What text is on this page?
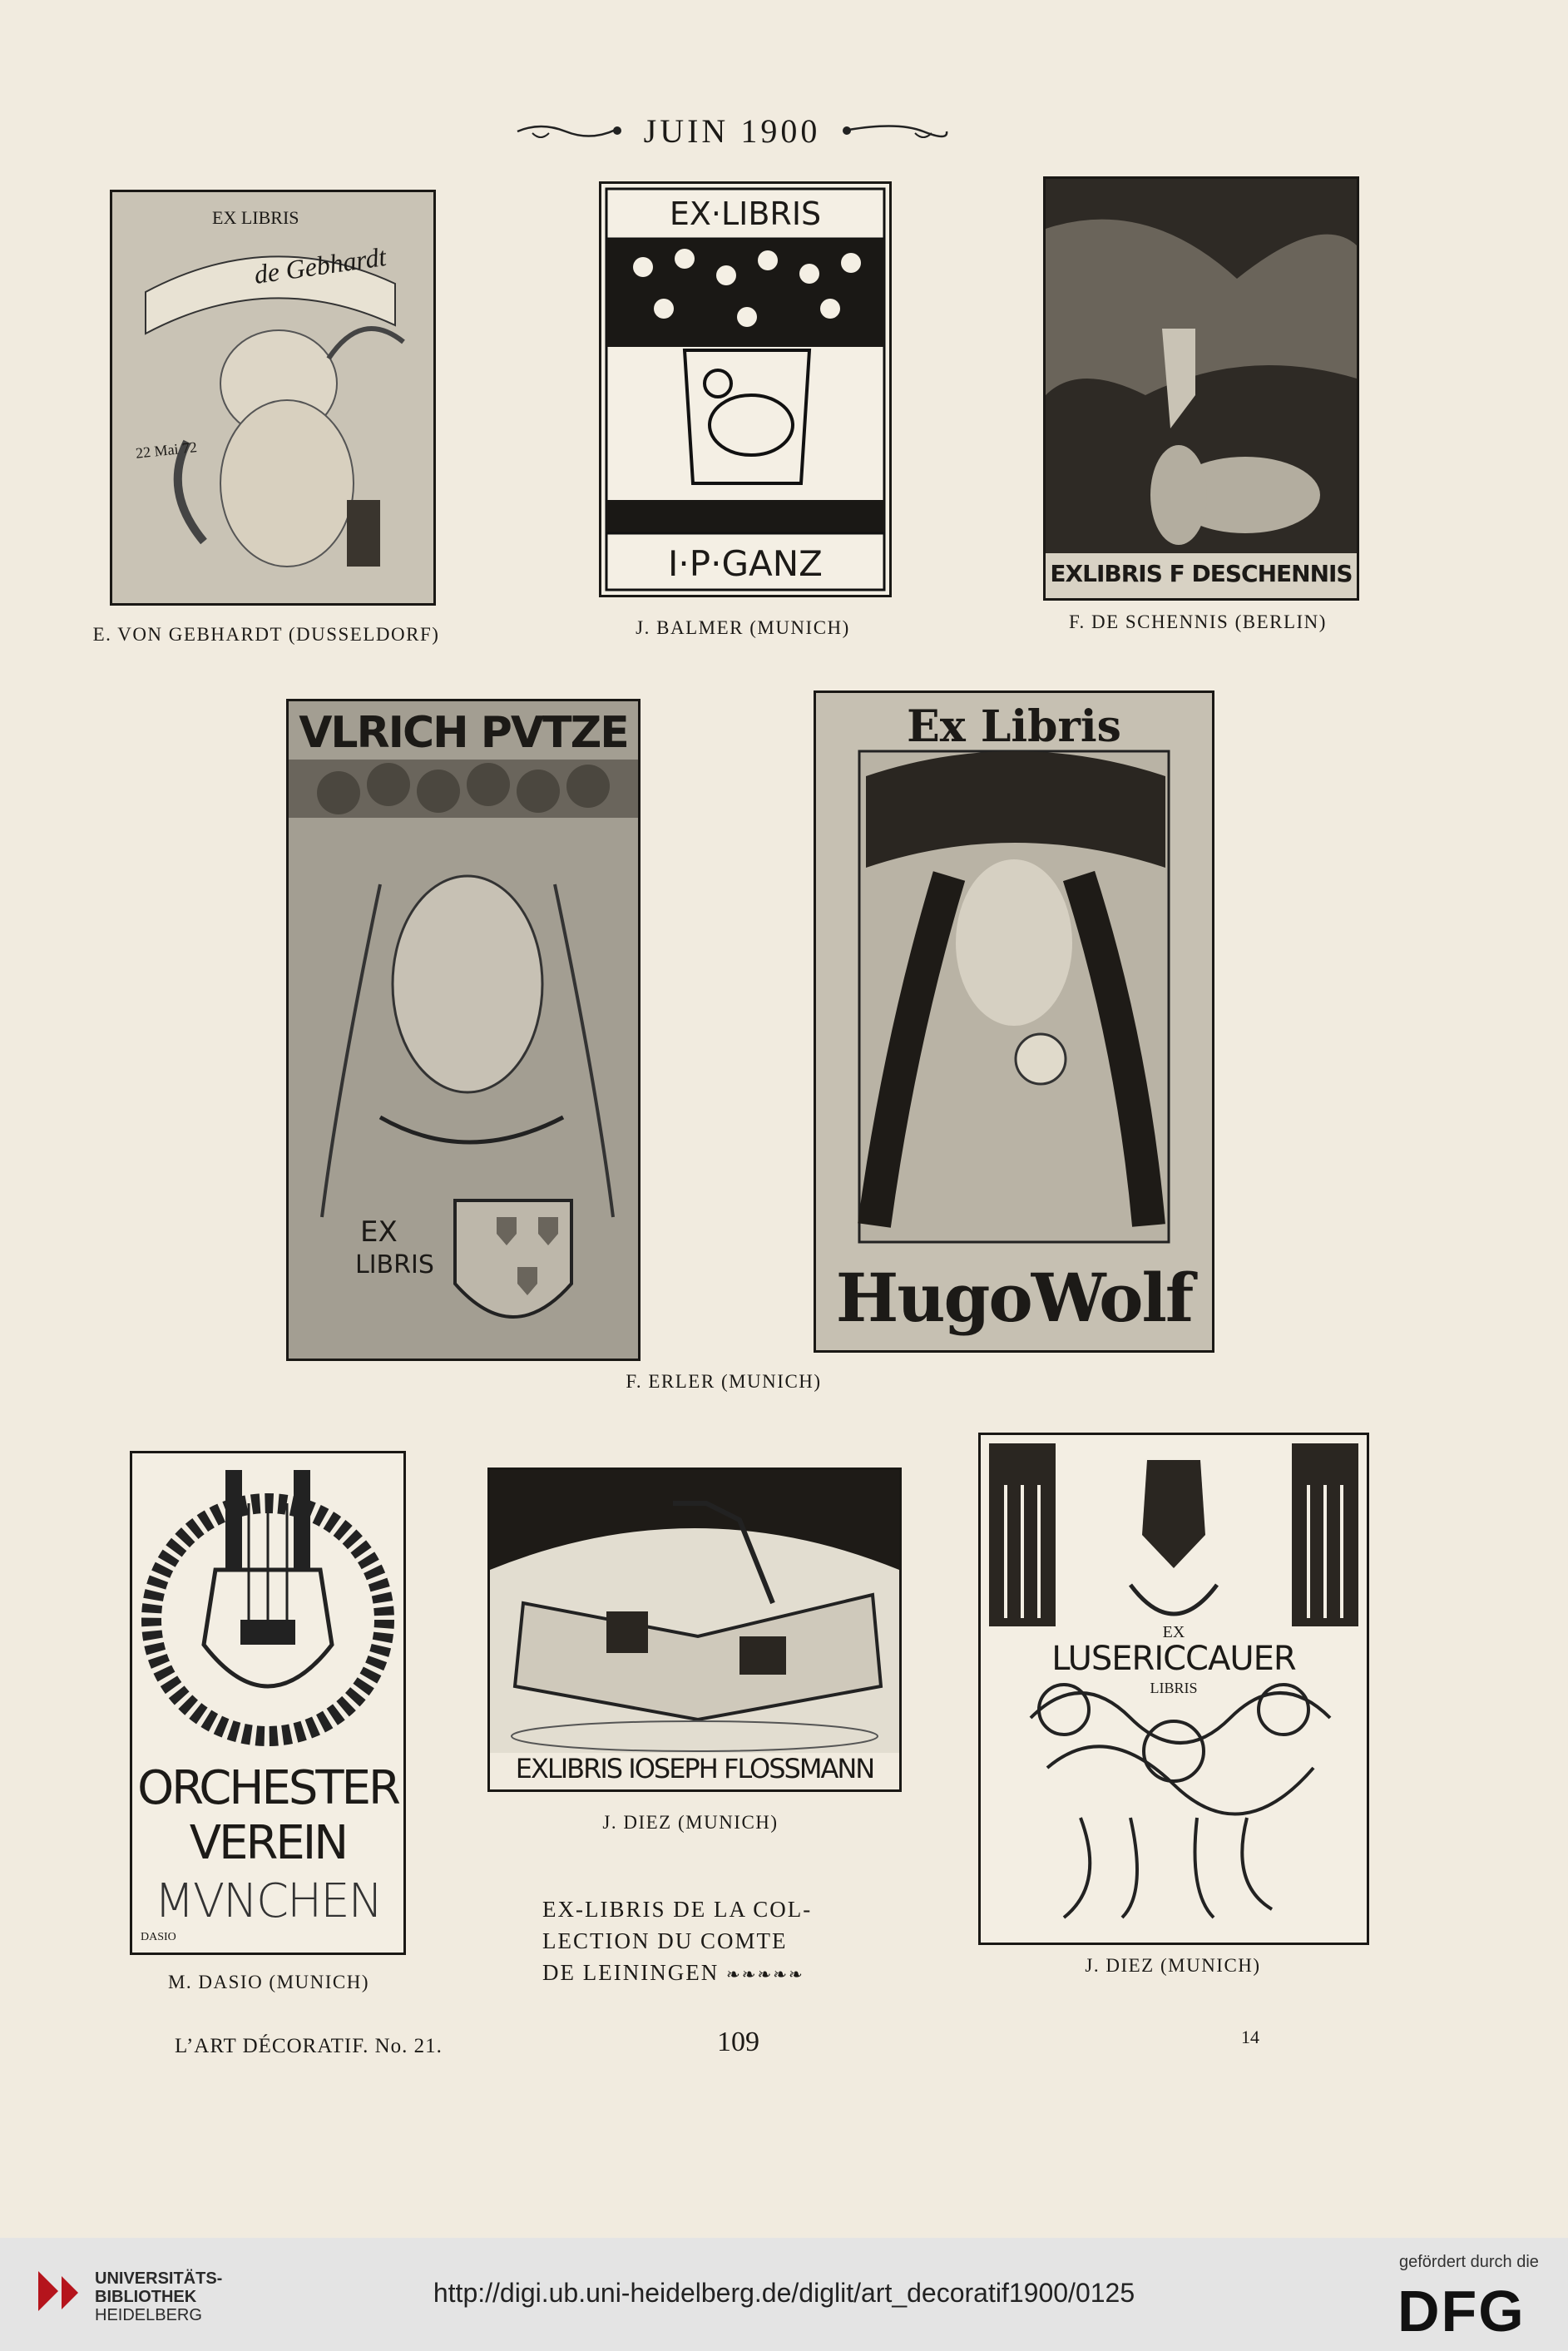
JUIN 1900
EX LIBRIS
de Gebhardt
22 Mai 72
EX·LIBRIS
I·P·GANZ	EXLIBRIS F DESCHENNIS
E. VON GEBHARDT (DUSSELDORF)	J. BALMER (MUNICH)	F. DE SCHENNIS (BERLIN)
VLRICH PVTZE
EX
LIBRIS
Ex Libris
HugoWolf
F. ERLER (MUNICH)
ORCHESTER
VEREIN
MVNCHEN
DASIO
EXLIBRIS IOSEPH FLOSSMANN
J. DIEZ (MUNICH)
EX
LUSERICCAUER
LIBRIS
M. DASIO (MUNICH)
J. DIEZ (MUNICH)
EX-LIBRIS DE LA COL-
LECTION DU COMTE
DE LEININGEN ❧❧❧❧❧
L’ART DÉCORATIF. No. 21.	109	14
UNIVERSITÄTS-
BIBLIOTHEK
HEIDELBERG
http://digi.ub.uni-heidelberg.de/diglit/art_decoratif1900/0125
gefördert durch die
DFG
